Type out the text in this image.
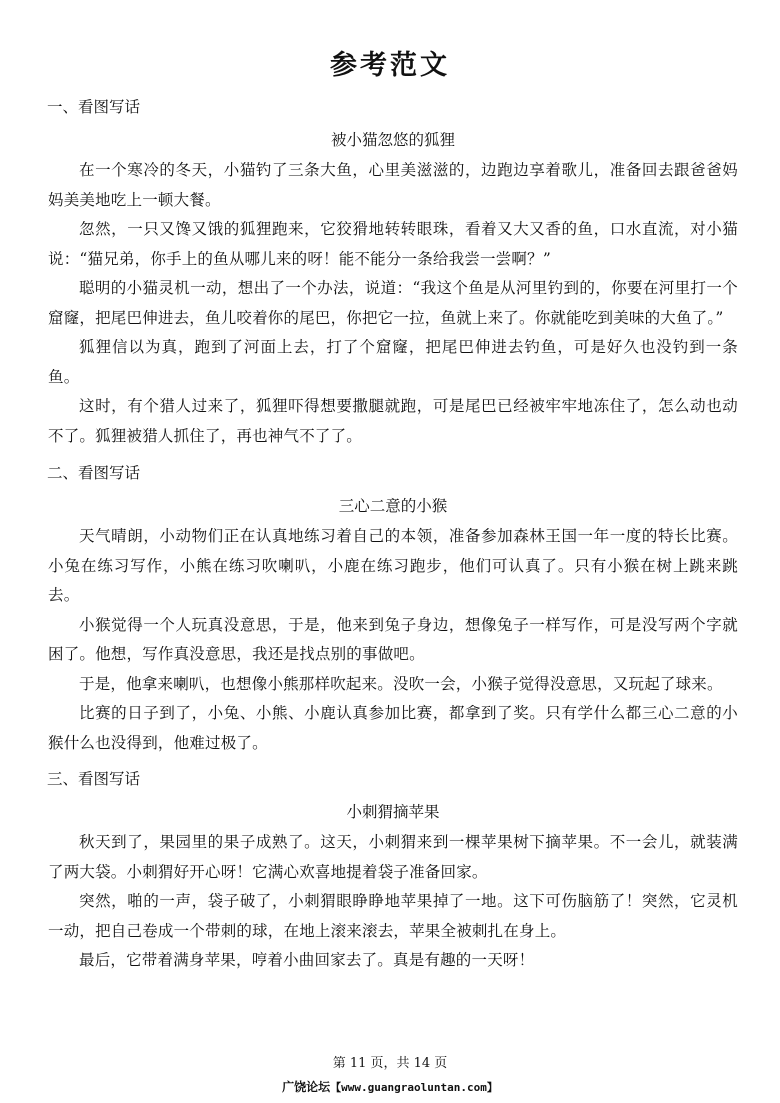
参考范文
一、看图写话
被小猫忽悠的狐狸

在一个寒冷的冬天，小猫钓了三条大鱼，心里美滋滋的，边跑边享着歌儿，准备回去跟爸爸妈妈美美地吃上一顿大餐。

忽然，一只又馋又饿的狐狸跑来，它狡猾地转转眼珠，看着又大又香的鱼，口水直流，对小猫说：“猫兄弟，你手上的鱼从哪儿来的呀！能不能分一条给我尝一尝啊？”

聪明的小猫灵机一动，想出了一个办法，说道：“我这个鱼是从河里钓到的，你要在河里打一个窟窿，把尾巴伸进去，鱼儿咬着你的尾巴，你把它一拉，鱼就上来了。你就能吃到美味的大鱼了。”

狐狸信以为真，跑到了河面上去，打了个窟窿，把尾巴伸进去钓鱼，可是好久也没钓到一条鱼。

这时，有个猎人过来了，狐狸吓得想要撒腿就跑，可是尾巴已经被牢牢地冻住了，怎么动也动不了。狐狸被猎人抓住了，再也神气不了了。

二、看图写话
三心二意的小猴

天气晴朗，小动物们正在认真地练习着自己的本领，准备参加森林王国一年一度的特长比赛。小兔在练习写作，小熊在练习吹喇叭，小鹿在练习跑步，他们可认真了。只有小猴在树上跳来跳去。

小猴觉得一个人玩真没意思，于是，他来到兔子身边，想像兔子一样写作，可是没写两个字就困了。他想，写作真没意思，我还是找点别的事做吧。

于是，他拿来喇叭，也想像小熊那样吹起来。没吹一会，小猴子觉得没意思，又玩起了球来。

比赛的日子到了，小兔、小熊、小鹿认真参加比赛，都拿到了奖。只有学什么都三心二意的小猴什么也没得到，他难过极了。

三、看图写话
小刺猬摘苹果

秋天到了，果园里的果子成熟了。这天，小刺猬来到一棵苹果树下摘苹果。不一会儿，就装满了两大袋。小刺猬好开心呀！它满心欢喜地提着袋子准备回家。

突然，啪的一声，袋子破了，小刺猬眼睁睁地苹果掉了一地。这下可伤脑筋了！突然，它灵机一动，把自己卷成一个带刺的球，在地上滚来滚去，苹果全被刺扎在身上。

最后，它带着满身苹果，哼着小曲回家去了。真是有趣的一天呀！

第 11 页，共 14 页
广饶论坛【www.guangraoluntan.com】
